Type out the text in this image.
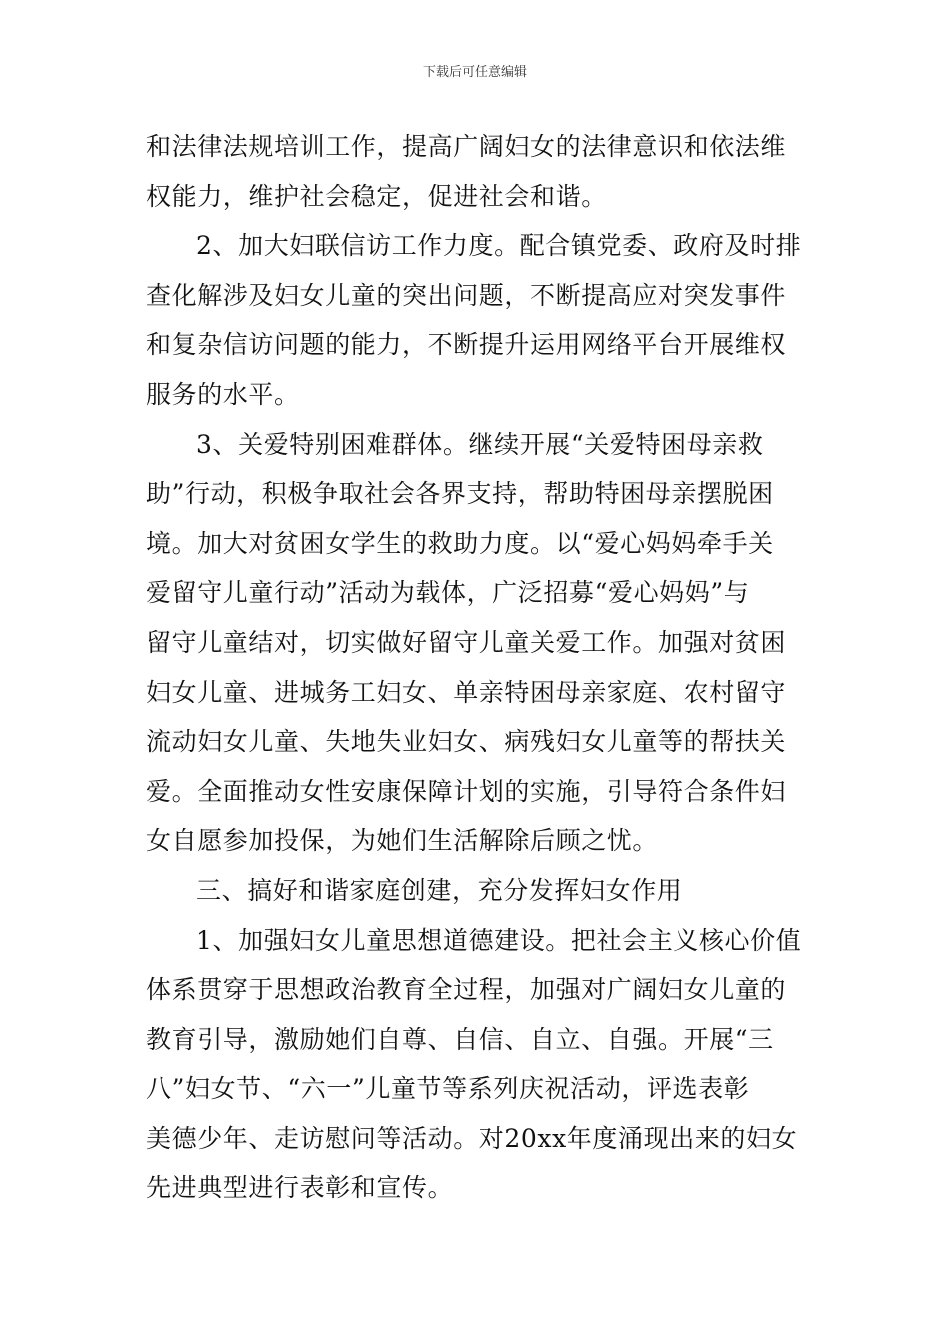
下载后可任意编辑
和法律法规培训工作，提高广阔妇女的法律意识和依法维
权能力，维护社会稳定，促进社会和谐。
2、加大妇联信访工作力度。配合镇党委、政府及时排
查化解涉及妇女儿童的突出问题，不断提高应对突发事件
和复杂信访问题的能力，不断提升运用网络平台开展维权
服务的水平。
3、关爱特别困难群体。继续开展“关爱特困母亲救
助”行动，积极争取社会各界支持，帮助特困母亲摆脱困
境。加大对贫困女学生的救助力度。以“爱心妈妈牵手关
爱留守儿童行动”活动为载体，广泛招募“爱心妈妈”与
留守儿童结对，切实做好留守儿童关爱工作。加强对贫困
妇女儿童、进城务工妇女、单亲特困母亲家庭、农村留守
流动妇女儿童、失地失业妇女、病残妇女儿童等的帮扶关
爱。全面推动女性安康保障计划的实施，引导符合条件妇
女自愿参加投保，为她们生活解除后顾之忧。
三、搞好和谐家庭创建，充分发挥妇女作用
1、加强妇女儿童思想道德建设。把社会主义核心价值
体系贯穿于思想政治教育全过程，加强对广阔妇女儿童的
教育引导，激励她们自尊、自信、自立、自强。开展“三
八”妇女节、“六一”儿童节等系列庆祝活动，评选表彰
美德少年、走访慰问等活动。对20xx年度涌现出来的妇女
先进典型进行表彰和宣传。
